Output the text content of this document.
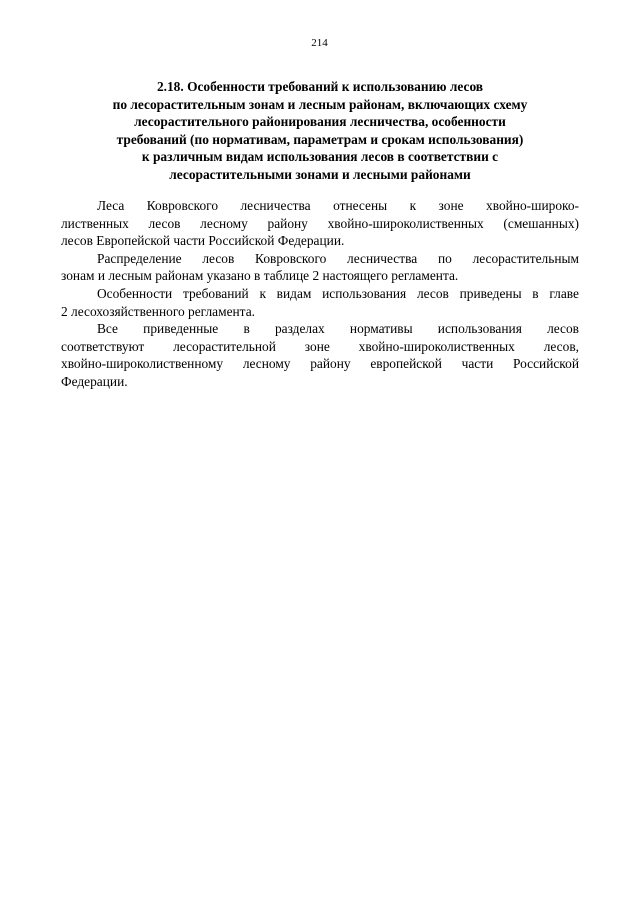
214
2.18. Особенности требований к использованию лесов
по лесорастительным зонам и лесным районам, включающих схему
лесорастительного районирования лесничества, особенности
требований (по нормативам, параметрам и срокам использования)
к различным видам использования лесов в соответствии с
лесорастительными зонами и лесными районами

Леса Ковровского лесничества отнесены к зоне хвойно-широко-
лиственных лесов лесному району хвойно-широколиственных (смешанных)
лесов Европейской части Российской Федерации.

Распределение лесов Ковровского лесничества по лесорастительным
зонам и лесным районам указано в таблице 2 настоящего регламента.

Особенности требований к видам использования лесов приведены в главе
2 лесохозяйственного регламента.

Все приведенные в разделах нормативы использования лесов
соответствуют лесорастительной зоне хвойно-широколиственных лесов,
хвойно-широколиственному лесному району европейской части Российской
Федерации.
